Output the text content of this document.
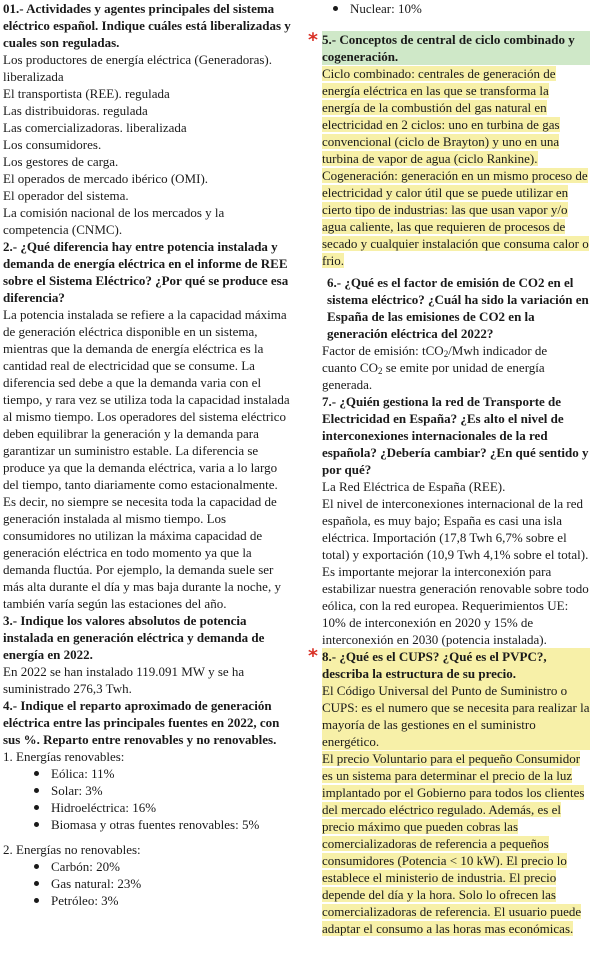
01.- Actividades y agentes principales del sistema eléctrico español. Indique cuáles está liberalizadas y cuales son reguladas.

Los productores de energía eléctrica (Generadoras). liberalizada

El transportista (REE). regulada

Las distribuidoras. regulada

Las comercializadoras. liberalizada

Los consumidores.

Los gestores de carga.

El operados de mercado ibérico (OMI).

El operador del sistema.

La comisión nacional de los mercados y la competencia (CNMC).

2.- ¿Qué diferencia hay entre potencia instalada y demanda de energía eléctrica en el informe de REE sobre el Sistema Eléctrico? ¿Por qué se produce esa diferencia?

La potencia instalada se refiere a la capacidad máxima de generación eléctrica disponible en un sistema, mientras que la demanda de energía eléctrica es la cantidad real de electricidad que se consume. La diferencia sed debe a que la demanda varia con el tiempo, y rara vez se utiliza toda la capacidad instalada al mismo tiempo. Los operadores del sistema eléctrico deben equilibrar la generación y la demanda para garantizar un suministro estable. La diferencia se produce ya que la demanda eléctrica, varia a lo largo del tiempo, tanto diariamente como estacionalmente. Es decir, no siempre se necesita toda la capacidad de generación instalada al mismo tiempo. Los consumidores no utilizan la máxima capacidad de generación eléctrica en todo momento ya que la demanda fluctúa. Por ejemplo, la demanda suele ser más alta durante el día y mas baja durante la noche, y también varía según las estaciones del año.

3.- Indique los valores absolutos de potencia instalada en generación eléctrica y demanda de energía en 2022.

En 2022 se han instalado 119.091 MW y se ha suministrado 276,3 Twh.

4.- Indique el reparto aproximado de generación eléctrica entre las principales fuentes en 2022, con sus %. Reparto entre renovables y no renovables.

1. Energías renovables:

Eólica: 11%
Solar: 3%
Hidroeléctrica: 16%
Biomasa y otras fuentes renovables: 5%

2. Energías no renovables:

Carbón: 20%
Gas natural: 23%
Petróleo: 3%
Nuclear: 10%
* 5.- Conceptos de central de ciclo combinado y cogeneración.

Ciclo combinado: centrales de generación de energía eléctrica en las que se transforma la energía de la combustión del gas natural en electricidad en 2 ciclos: uno en turbina de gas convencional (ciclo de Brayton) y uno en una turbina de vapor de agua (ciclo Rankine).

Cogeneración: generación en un mismo proceso de electricidad y calor útil que se puede utilizar en cierto tipo de industrias: las que usan vapor y/o agua caliente, las que requieren de procesos de secado y cualquier instalación que consuma calor o frio.

6.- ¿Qué es el factor de emisión de CO2 en el sistema eléctrico? ¿Cuál ha sido la variación en España de las emisiones de CO2 en la generación eléctrica del 2022?

Factor de emisión: tCO$_2$/Mwh indicador de
cuanto $CO_2$ se emite por unidad de energía
generada.

7.- ¿Quién gestiona la red de Transporte de Electricidad en España? ¿Es alto el nivel de interconexiones internacionales de la red española? ¿Debería cambiar? ¿En qué sentido y por qué?

La Red Eléctrica de España (REE).

El nivel de interconexiones internacional de la red española, es muy bajo; España es casi una isla eléctrica. Importación (17,8 Twh 6,7% sobre el total) y exportación (10,9 Twh 4,1% sobre el total).

Es importante mejorar la interconexión para estabilizar nuestra generación renovable sobre todo eólica, con la red europea. Requerimientos UE: 10% de interconexión en 2020 y 15% de interconexión en 2030 (potencia instalada).

* 8.- ¿Qué es el CUPS? ¿Qué es el PVPC?, describa la estructura de su precio.

El Código Universal del Punto de Suministro o CUPS: es el numero que se necesita para realizar la mayoría de las gestiones en el suministro energético.

El precio Voluntario para el pequeño Consumidor es un sistema para determinar el precio de la luz implantado por el Gobierno para todos los clientes del mercado eléctrico regulado. Además, es el precio máximo que pueden cobras las comercializadoras de referencia a pequeños consumidores (Potencia < 10 kW). El precio lo establece el ministerio de industria. El precio depende del día y la hora. Solo lo ofrecen las comercializadoras de referencia. El usuario puede adaptar el consumo a las horas mas económicas.
